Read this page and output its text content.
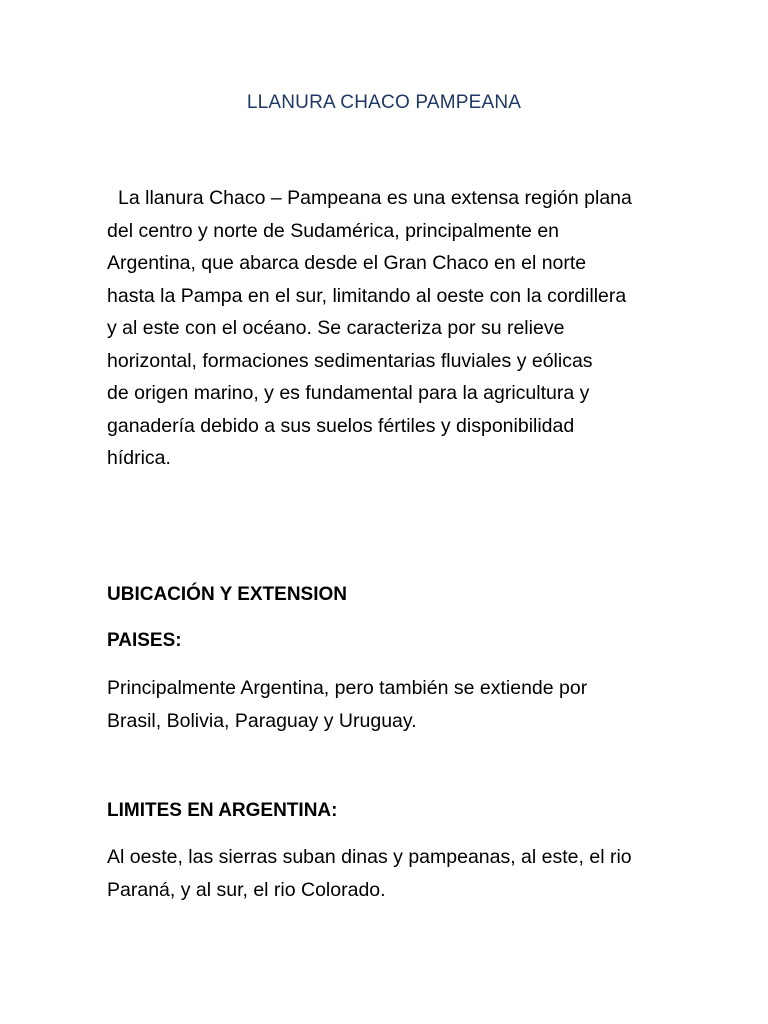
LLANURA CHACO PAMPEANA

La llanura Chaco – Pampeana es una extensa región plana
del centro y norte de Sudamérica, principalmente en
Argentina, que abarca desde el Gran Chaco en el norte
hasta la Pampa en el sur, limitando al oeste con la cordillera
y al este con el océano. Se caracteriza por su relieve
horizontal, formaciones sedimentarias fluviales y eólicas
de origen marino, y es fundamental para la agricultura y
ganadería debido a sus suelos fértiles y disponibilidad
hídrica.

UBICACIÓN Y EXTENSION
PAISES:

Principalmente Argentina, pero también se extiende por
Brasil, Bolivia, Paraguay y Uruguay.

LIMITES EN ARGENTINA:

Al oeste, las sierras suban dinas y pampeanas, al este, el rio
Paraná, y al sur, el rio Colorado.
